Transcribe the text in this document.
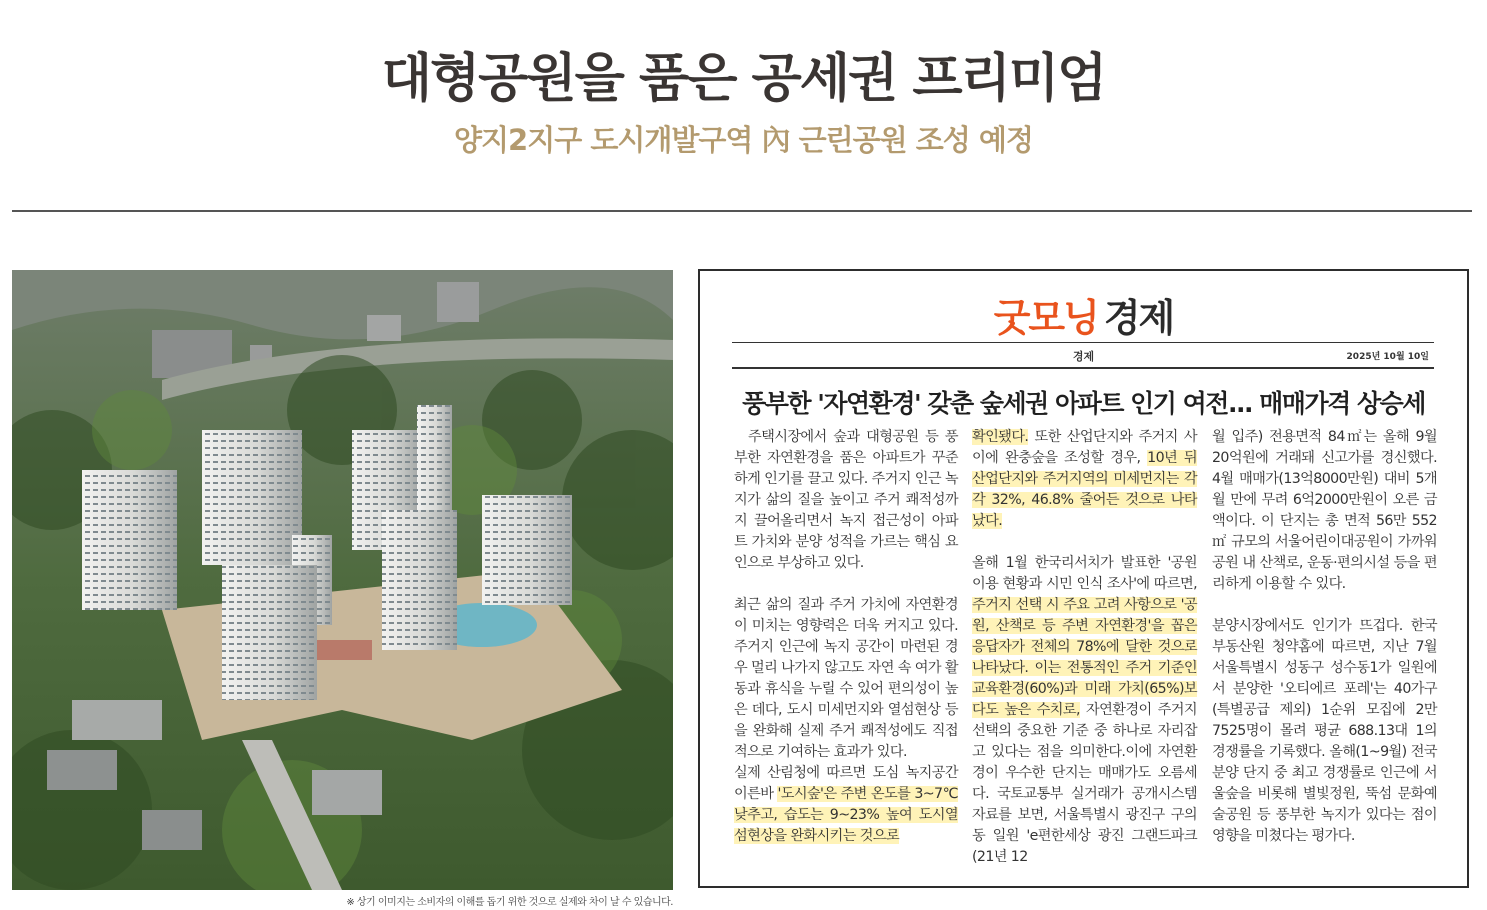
대형공원을 품은 공세권 프리미엄
양지2지구 도시개발구역 內 근린공원 조성 예정
※ 상기 이미지는 소비자의 이해를 돕기 위한 것으로 실제와 차이 날 수 있습니다.
굿모닝 경제
경제	2025년 10월 10일
풍부한 '자연환경' 갖춘 숲세권 아파트 인기 여전... 매매가격 상승세

주택시장에서 숲과 대형공원 등 풍부한 자연환경을 품은 아파트가 꾸준하게 인기를 끌고 있다. 주거지 인근 녹지가 삶의 질을 높이고 주거 쾌적성까지 끌어올리면서 녹지 접근성이 아파트 가치와 분양 성적을 가르는 핵심 요인으로 부상하고 있다.

최근 삶의 질과 주거 가치에 자연환경이 미치는 영향력은 더욱 커지고 있다. 주거지 인근에 녹지 공간이 마련된 경우 멀리 나가지 않고도 자연 속 여가 활동과 휴식을 누릴 수 있어 편의성이 높은 데다, 도시 미세먼지와 열섬현상 등을 완화해 실제 주거 쾌적성에도 직접적으로 기여하는 효과가 있다.

실제 산림청에 따르면 도심 녹지공간 이른바 '도시숲'은 주변 온도를 3~7℃ 낮추고, 습도는 9~23% 높여 도시열섬현상을 완화시키는 것으로

확인됐다. 또한 산업단지와 주거지 사이에 완충숲을 조성할 경우, 10년 뒤 산업단지와 주거지역의 미세먼지는 각각 32%, 46.8% 줄어든 것으로 나타났다.

올해 1월 한국리서치가 발표한 '공원 이용 현황과 시민 인식 조사'에 따르면, 주거지 선택 시 주요 고려 사항으로 '공원, 산책로 등 주변 자연환경'을 꼽은 응답자가 전체의 78%에 달한 것으로 나타났다. 이는 전통적인 주거 기준인 교육환경(60%)과 미래 가치(65%)보다도 높은 수치로, 자연환경이 주거지 선택의 중요한 기준 중 하나로 자리잡고 있다는 점을 의미한다.이에 자연환경이 우수한 단지는 매매가도 오름세다. 국토교통부 실거래가 공개시스템 자료를 보면, 서울특별시 광진구 구의동 일원 'e편한세상 광진 그랜드파크(21년 12

월 입주) 전용면적 84㎡는 올해 9월 20억원에 거래돼 신고가를 경신했다. 4월 매매가(13억8000만원) 대비 5개월 만에 무려 6억2000만원이 오른 금액이다. 이 단지는 총 면적 56만 552㎡ 규모의 서울어린이대공원이 가까워 공원 내 산책로, 운동·편의시설 등을 편리하게 이용할 수 있다.

분양시장에서도 인기가 뜨겁다. 한국부동산원 청약홈에 따르면, 지난 7월 서울특별시 성동구 성수동1가 일원에서 분양한 '오티에르 포레'는 40가구(특별공급 제외) 1순위 모집에 2만7525명이 몰려 평균 688.13대 1의 경쟁률을 기록했다. 올해(1~9월) 전국 분양 단지 중 최고 경쟁률로 인근에 서울숲을 비롯해 별빛정원, 뚝섬 문화예술공원 등 풍부한 녹지가 있다는 점이 영향을 미쳤다는 평가다.
